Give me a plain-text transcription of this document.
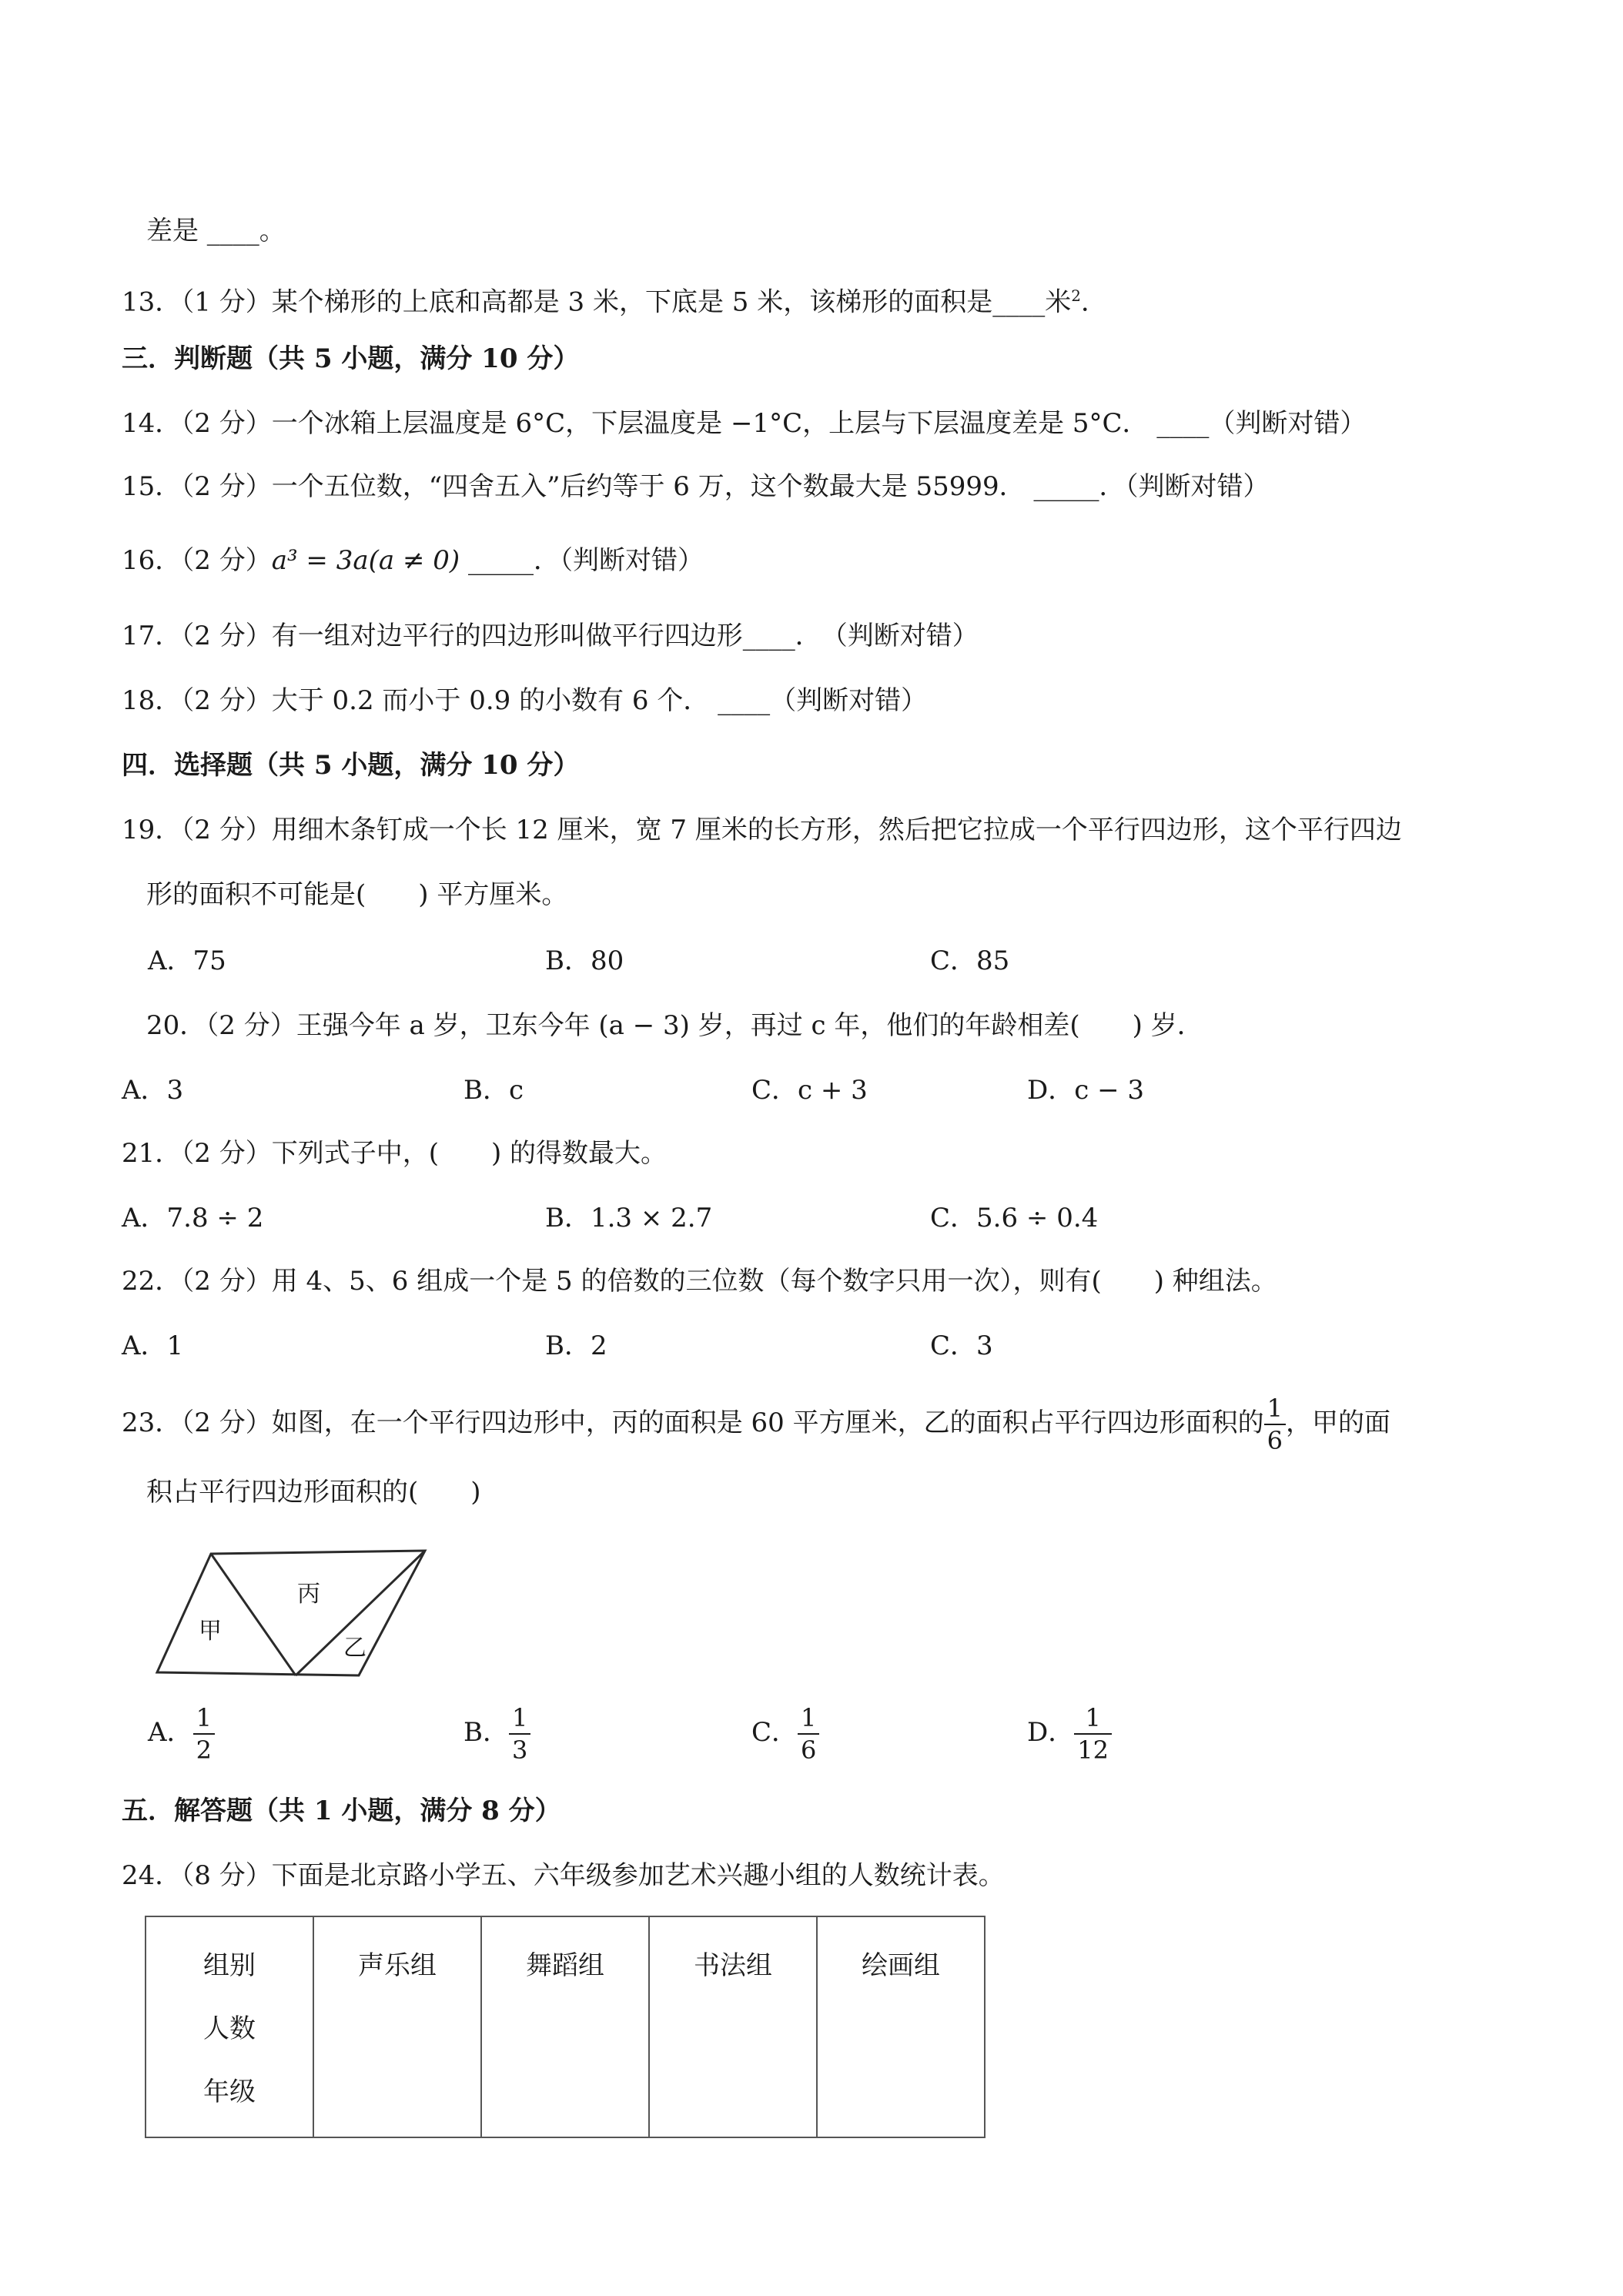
差是 ____。
13．（1 分）某个梯形的上底和高都是 3 米，下底是 5 米，该梯形的面积是____米$^2$．
三．判断题（共 5 小题，满分 10 分）
14．（2 分）一个冰箱上层温度是 6°C，下层温度是 −1°C，上层与下层温度差是 5°C． ____（判断对错）
15．（2 分）一个五位数，“四舍五入”后约等于 6 万，这个数最大是 55999． _____．（判断对错）
16．（2 分）a³ = 3a(a ≠ 0) _____．（判断对错）
17．（2 分）有一组对边平行的四边形叫做平行四边形____．　（判断对错）
18．（2 分）大于 0.2 而小于 0.9 的小数有 6 个． ____（判断对错）
四．选择题（共 5 小题，满分 10 分）
19．（2 分）用细木条钉成一个长 12 厘米，宽 7 厘米的长方形，然后把它拉成一个平行四边形，这个平行四边
形的面积不可能是(　　) 平方厘米。
A．75	B．80	C．85
20．（2 分）王强今年 a 岁，卫东今年 (a − 3) 岁，再过 c 年，他们的年龄相差(　　) 岁．
A．3	B．c	C．c + 3	D．c − 3
21．（2 分）下列式子中，(　　) 的得数最大。
A．7.8 ÷ 2	B．1.3 × 2.7	C．5.6 ÷ 0.4
22．（2 分）用 4、5、6 组成一个是 5 的倍数的三位数（每个数字只用一次），则有(　　) 种组法。
A．1	B．2	C．3
23．（2 分）如图，在一个平行四边形中，丙的面积是 60 平方厘米，乙的面积占平行四边形面积的 $\frac{1}{6}$ ，甲的面
积占平行四边形面积的(　　)
甲
丙
乙
A． $\frac{1}{2}$	B． $\frac{1}{3}$	C． $\frac{1}{6}$	D． $\frac{1}{12}$
五．解答题（共 1 小题，满分 8 分）
24．（8 分）下面是北京路小学五、六年级参加艺术兴趣小组的人数统计表。
组别
人数
年级
	声乐组	舞蹈组	书法组	绘画组
